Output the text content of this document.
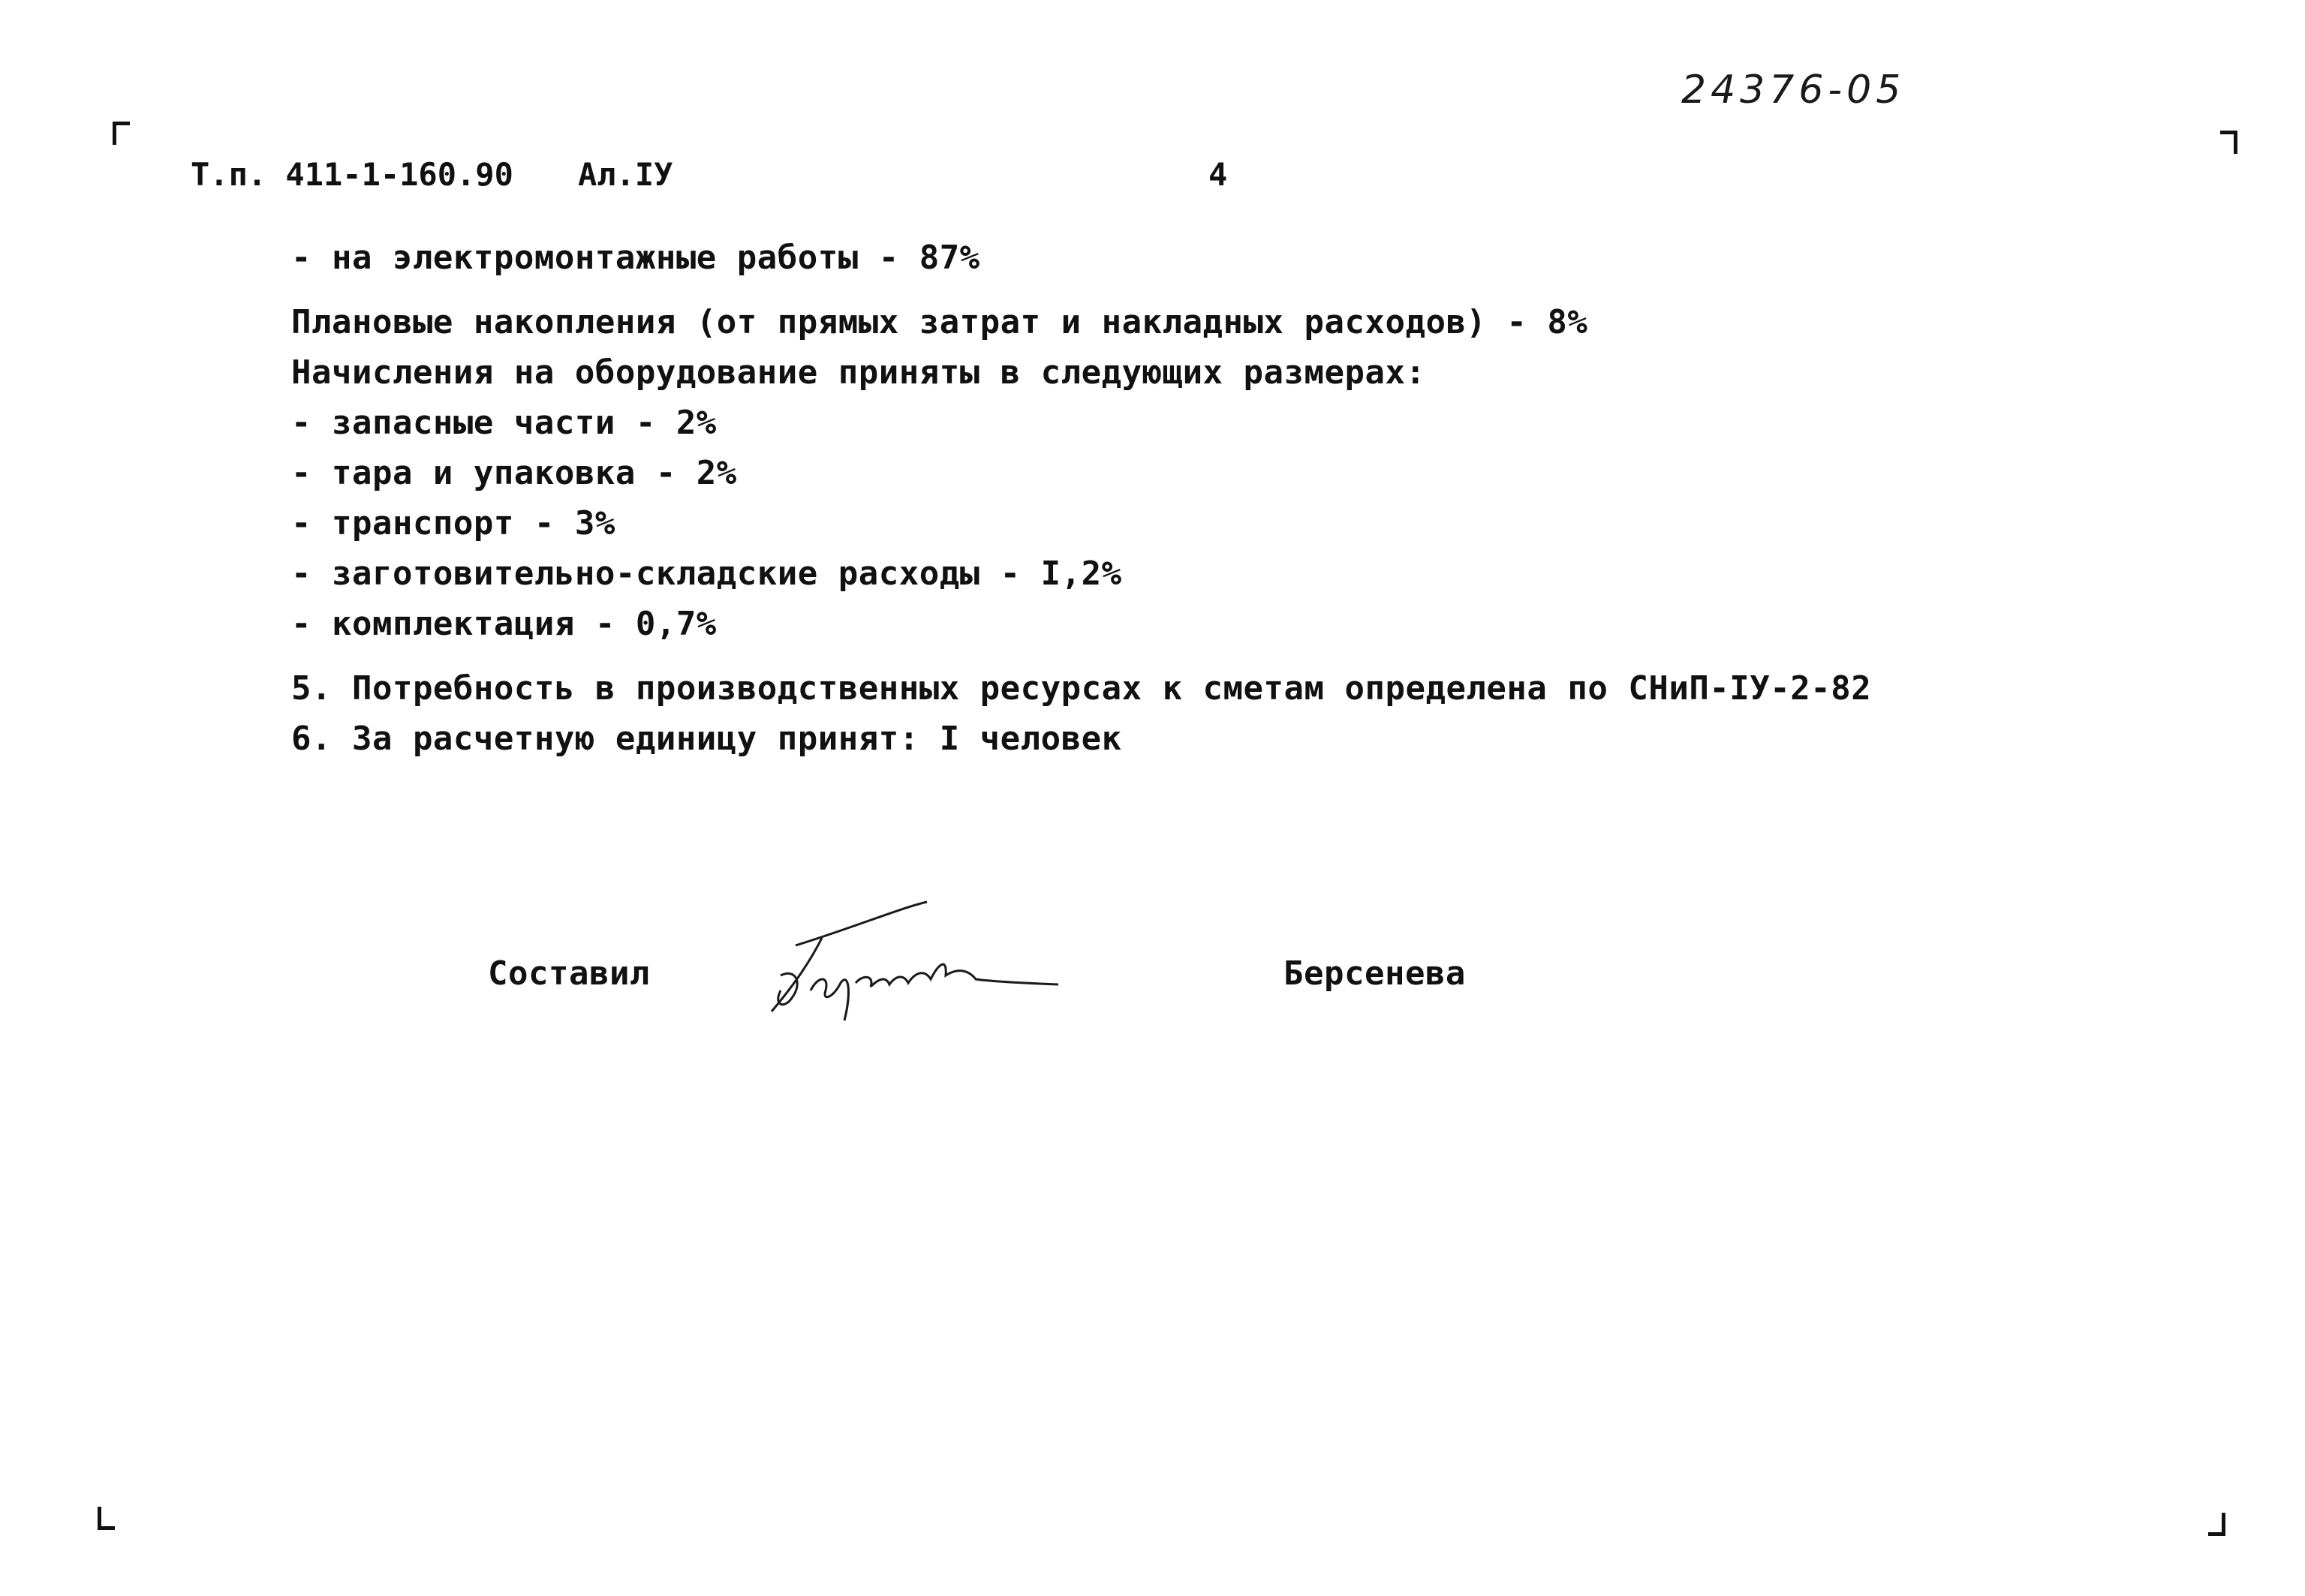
24376-05
Т.п. 411-1-160.90 Ал.IУ	4
- на электромонтажные работы - 87%
Плановые накопления (от прямых затрат и накладных расходов) - 8%
Начисления на оборудование приняты в следующих размерах:
- запасные части - 2%
- тара и упаковка - 2%
- транспорт - 3%
- заготовительно-складские расходы - I,2%
- комплектация - 0,7%
5. Потребность в производственных ресурсах к сметам определена по СНиП-IУ-2-82
6. За расчетную единицу принят: I человек
Составил	Берсенева
